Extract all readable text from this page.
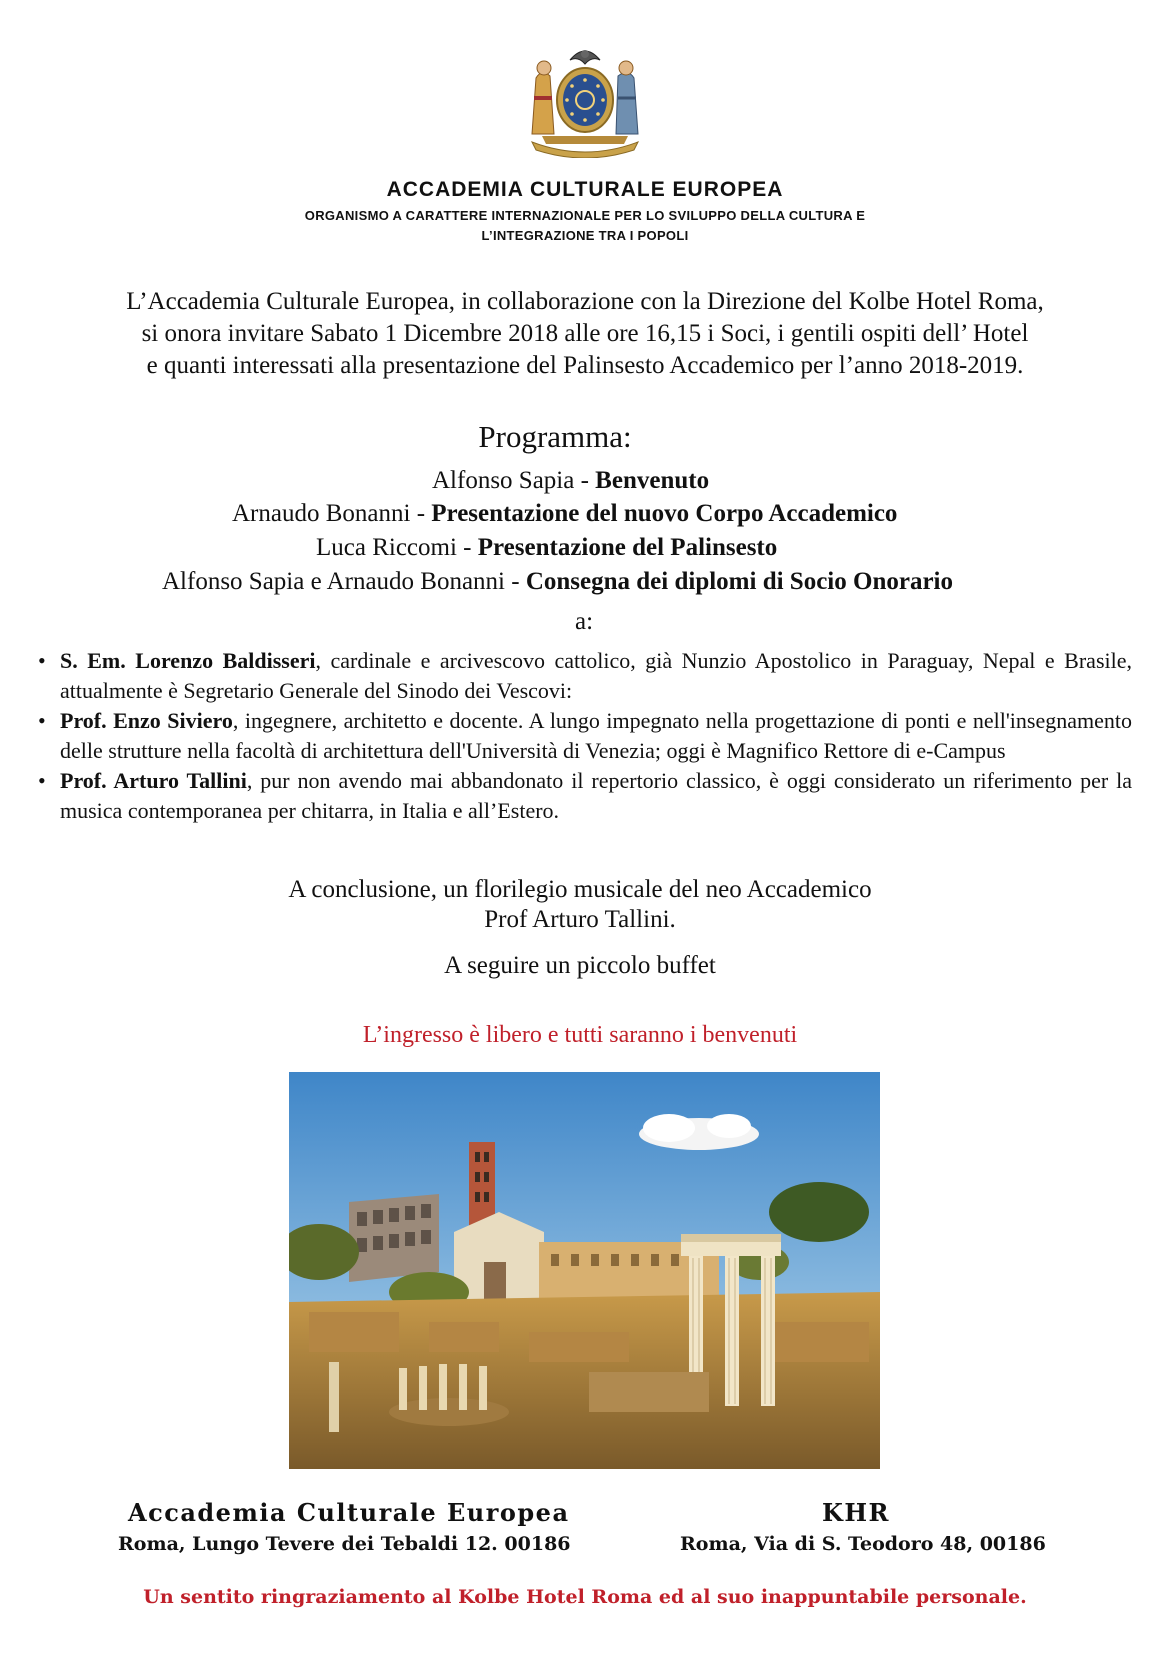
ACCADEMIA CULTURALE EUROPEA
ORGANISMO A CARATTERE INTERNAZIONALE PER LO SVILUPPO DELLA CULTURA E
L’INTEGRAZIONE TRA I POPOLI
L’Accademia Culturale Europea, in collaborazione con la Direzione del Kolbe Hotel Roma,
si onora invitare Sabato 1 Dicembre 2018 alle ore 16,15 i Soci, i gentili ospiti dell’ Hotel
e quanti interessati alla presentazione del Palinsesto Accademico per l’anno 2018-2019.
Programma:
Alfonso Sapia - Benvenuto
Arnaudo Bonanni - Presentazione del nuovo Corpo Accademico
Luca Riccomi - Presentazione del Palinsesto
Alfonso Sapia e Arnaudo Bonanni - Consegna dei diplomi di Socio Onorario
a:
• S. Em. Lorenzo Baldisseri, cardinale e arcivescovo cattolico, già Nunzio Apostolico in Paraguay, Nepal e Brasile, attualmente è Segretario Generale del Sinodo dei Vescovi:
• Prof. Enzo Siviero, ingegnere, architetto e docente. A lungo impegnato nella progettazione di ponti e nell'insegnamento delle strutture nella facoltà di architettura dell'Università di Venezia; oggi è Magnifico Rettore di e-Campus
• Prof. Arturo Tallini, pur non avendo mai abbandonato il repertorio classico, è oggi considerato un riferimento per la musica contemporanea per chitarra, in Italia e all’Estero.
A conclusione, un florilegio musicale del neo Accademico
Prof Arturo Tallini.
A seguire un piccolo buffet
L’ingresso è libero e tutti saranno i benvenuti
Accademia Culturale Europea
Roma, Lungo Tevere dei Tebaldi 12. 00186
KHR
Roma, Via di S. Teodoro 48, 00186
Un sentito ringraziamento al Kolbe Hotel Roma ed al suo inappuntabile personale.
